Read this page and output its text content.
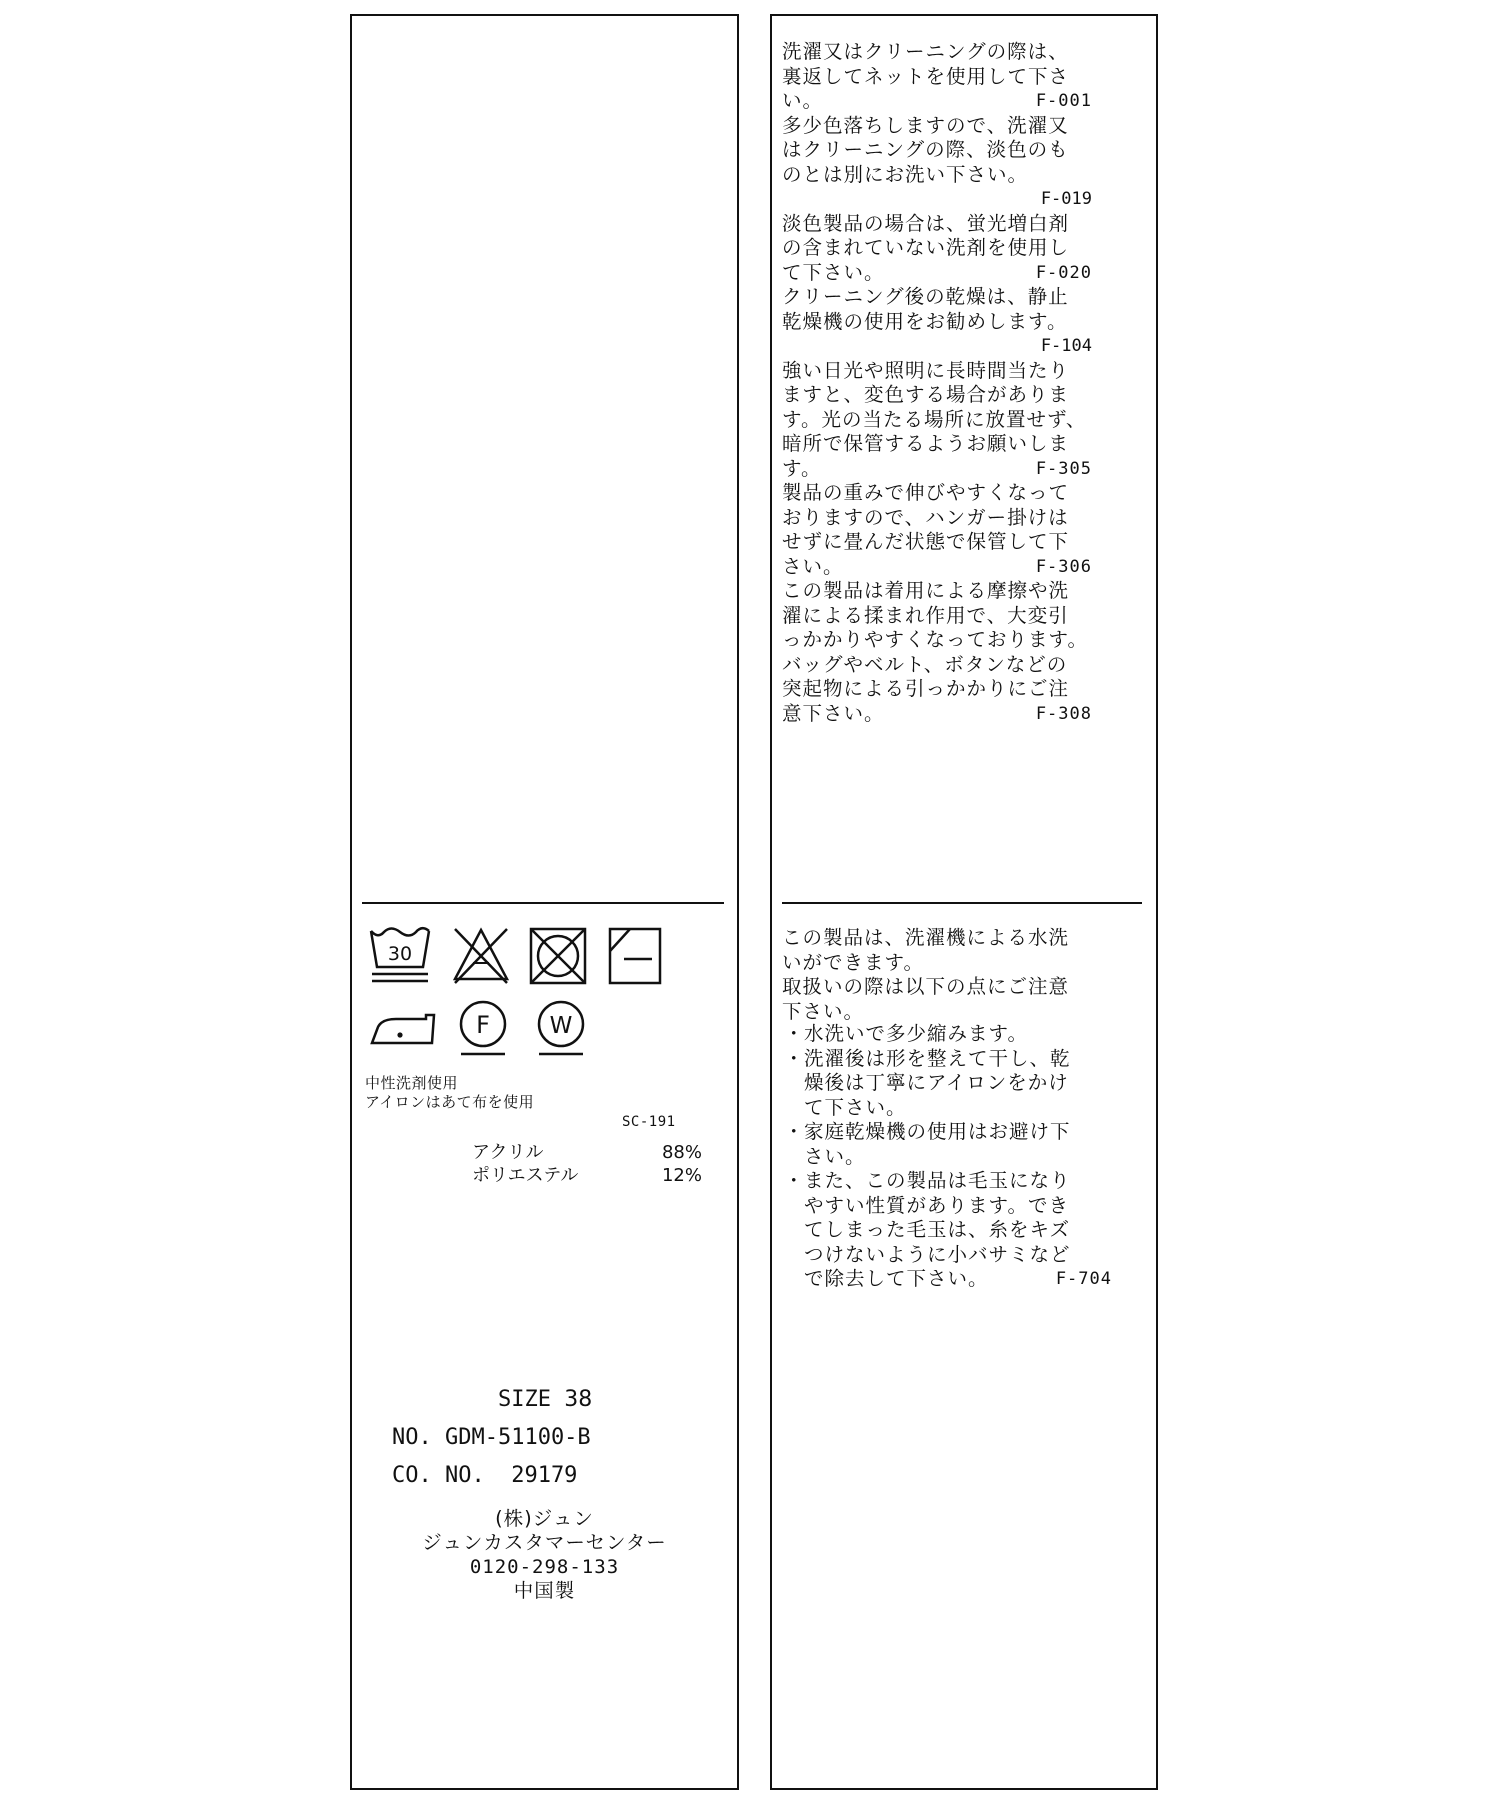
洗濯又はクリーニングの際は、
裏返してネットを使用して下さ
い。	F-001
多少色落ちしますので、洗濯又
はクリーニングの際、淡色のも
のとは別にお洗い下さい。
F-019
淡色製品の場合は、蛍光増白剤
の含まれていない洗剤を使用し
て下さい。	F-020
クリーニング後の乾燥は、静止
乾燥機の使用をお勧めします。
F-104
強い日光や照明に長時間当たり
ますと、変色する場合がありま
す。光の当たる場所に放置せず、
暗所で保管するようお願いしま
す。	F-305
製品の重みで伸びやすくなって
おりますので、ハンガー掛けは
せずに畳んだ状態で保管して下
さい。	F-306
この製品は着用による摩擦や洗
濯による揉まれ作用で、大変引
っかかりやすくなっております。
バッグやベルト、ボタンなどの
突起物による引っかかりにご注
意下さい。	F-308
この製品は、洗濯機による水洗
いができます。
取扱いの際は以下の点にご注意
下さい。
・ 水洗いで多少縮みます。
・ 洗濯後は形を整えて干し、乾
燥後は丁寧にアイロンをかけ
て下さい。
・ 家庭乾燥機の使用はお避け下
さい。
・ また、この製品は毛玉になり
やすい性質があります。でき
てしまった毛玉は、糸をキズ
つけないように小バサミなど
で除去して下さい。	F-704
30
F	W
中性洗剤使用
アイロンはあて布を使用
SC-191
アクリル	88%
ポリエステル	12%
SIZE 38
NO. GDM-51100-B
CO. NO.  29179
(株)ジュン
ジュンカスタマーセンター
0120-298-133
中国製
